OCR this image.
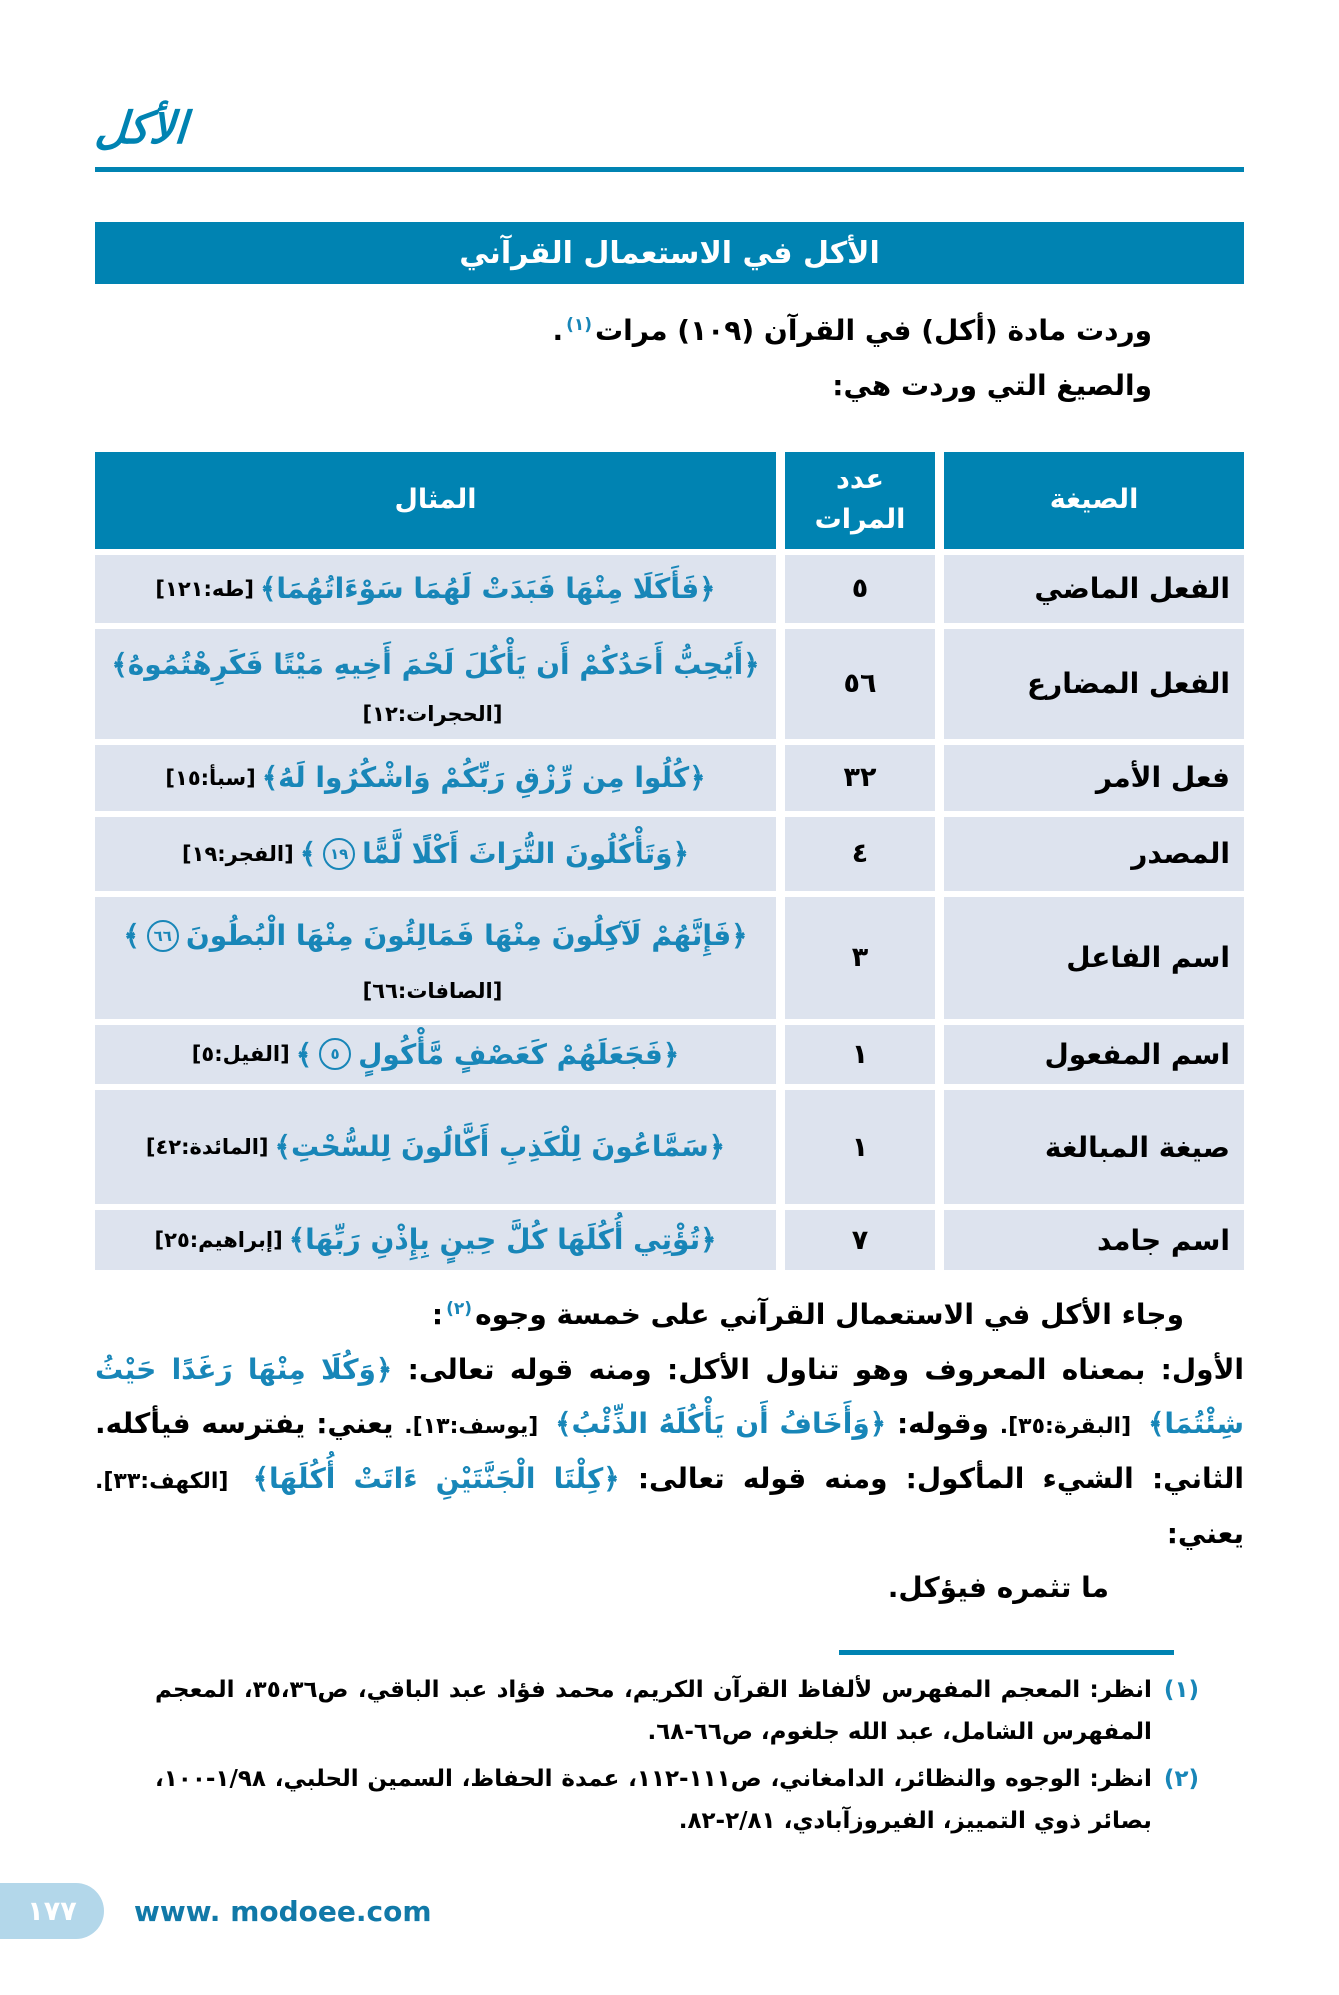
الأكل
الأكل في الاستعمال القرآني
وردت مادة (أكل) في القرآن (١٠٩) مرات$^{(١)}$.
والصيغ التي وردت هي:
الصيغة
عدد المرات
المثال
الفعل الماضي
٥
﴿فَأَكَلَا مِنْهَا فَبَدَتْ لَهُمَا سَوْءَاتُهُمَا﴾
[طه:١٢١]
الفعل المضارع
٥٦
﴿أَيُحِبُّ أَحَدُكُمْ أَن يَأْكُلَ لَحْمَ أَخِيهِ مَيْتًا فَكَرِهْتُمُوهُ﴾
[الحجرات:١٢]
فعل الأمر
٣٢
﴿كُلُوا مِن رِّزْقِ رَبِّكُمْ وَاشْكُرُوا لَهُ﴾
[سبأ:١٥]
المصدر
٤
﴿وَتَأْكُلُونَ التُّرَاثَ أَكْلًا لَّمًّا
١٩
﴾
[الفجر:١٩]
اسم الفاعل
٣
﴿فَإِنَّهُمْ لَآكِلُونَ مِنْهَا فَمَالِئُونَ مِنْهَا الْبُطُونَ
٦٦
﴾
[الصافات:٦٦]
اسم المفعول
١
﴿فَجَعَلَهُمْ كَعَصْفٍ مَّأْكُولٍ
٥
﴾
[الفيل:٥]
صيغة المبالغة
١
﴿سَمَّاعُونَ لِلْكَذِبِ أَكَّالُونَ لِلسُّحْتِ﴾
[المائدة:٤٢]
اسم جامد
٧
﴿تُؤْتِي أُكُلَهَا كُلَّ حِينٍ بِإِذْنِ رَبِّهَا﴾
[إبراهيم:٢٥]
وجاء الأكل في الاستعمال القرآني على خمسة وجوه$^{(٢)}$:
الأول: بمعناه المعروف وهو تناول الأكل: ومنه قوله تعالى: ﴿وَكُلَا مِنْهَا رَغَدًا حَيْثُ شِئْتُمَا﴾ [البقرة:٣٥]. وقوله: ﴿وَأَخَافُ أَن يَأْكُلَهُ الذِّئْبُ﴾ [يوسف:١٣]. يعني: يفترسه فيأكله.
الثاني: الشيء المأكول: ومنه قوله تعالى: ﴿كِلْتَا الْجَنَّتَيْنِ ءَاتَتْ أُكُلَهَا﴾ [الكهف:٣٣]. يعني:
ما تثمره فيؤكل.
(١)
انظر: المعجم المفهرس لألفاظ القرآن الكريم، محمد فؤاد عبد الباقي، ص٣٥،٣٦، المعجم المفهرس الشامل، عبد الله جلغوم، ص٦٦-٦٨.
(٢)
انظر: الوجوه والنظائر، الدامغاني، ص١١١-١١٢، عمدة الحفاظ، السمين الحلبي، ١/٩٨-١٠٠، بصائر ذوي التمييز، الفيروزآبادي، ٢/٨١-٨٢.
١٧٧ www. modoee.com
